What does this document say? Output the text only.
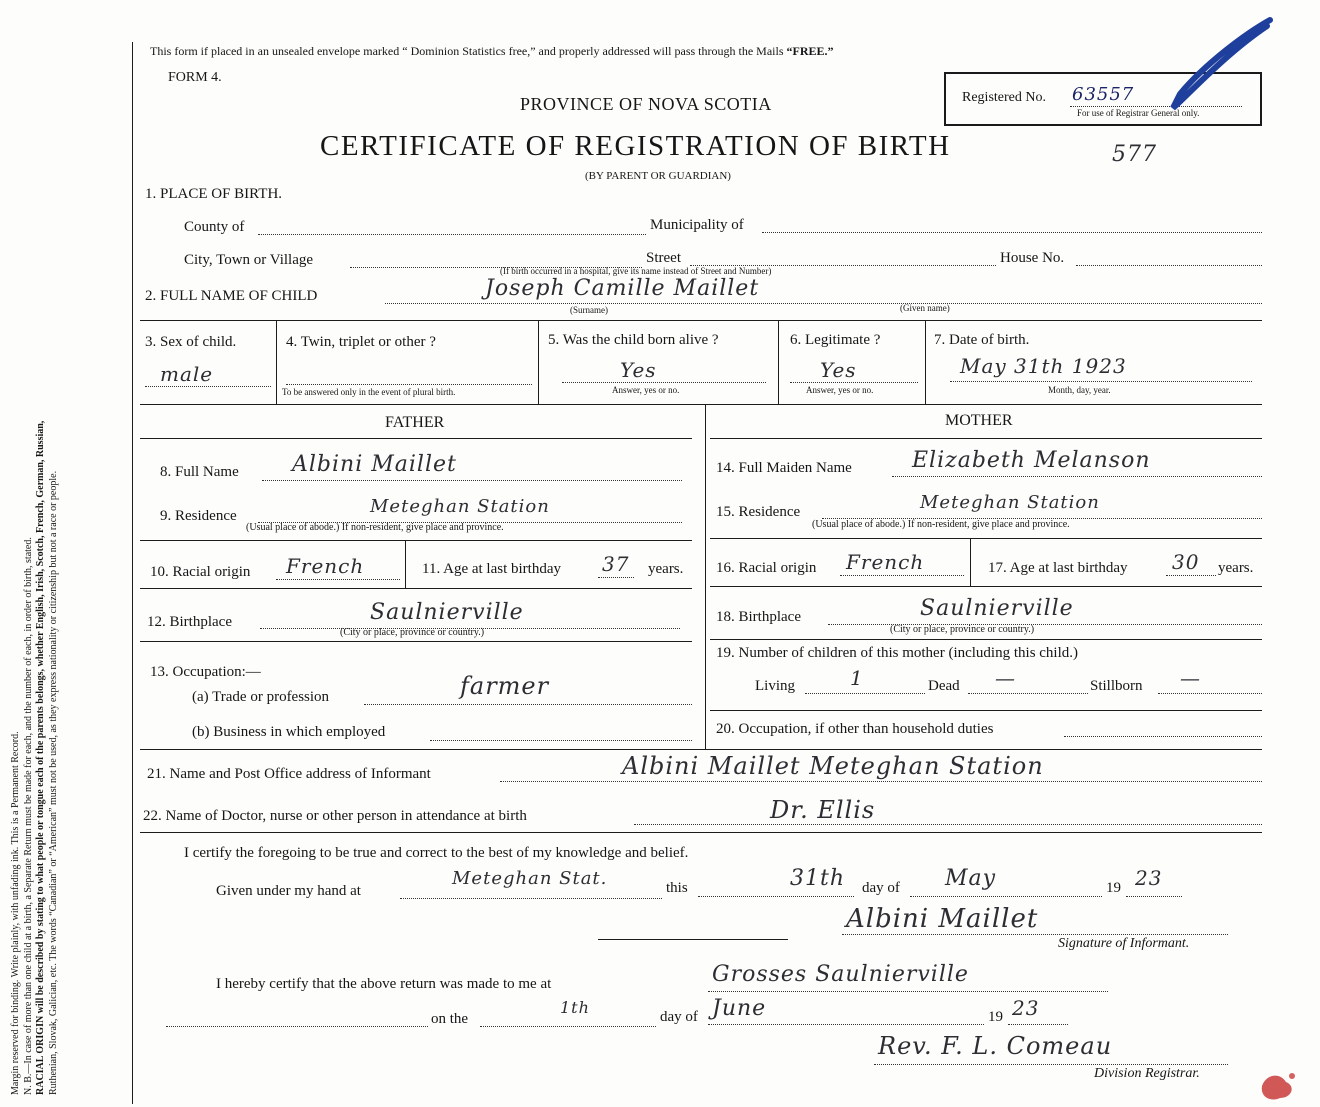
Margin reserved for binding. Write plainly, with unfading ink. This is a Permanent Record. N. B.—In case of more than one child at a birth, a Separate Return must be made for each, and the number of each, in order of birth, stated. RACIAL ORIGIN will be described by stating to what people or tongue each of the parents belongs, whether English, Irish, Scotch, French, German, Russian, Ruthenian, Slovak, Galician, etc. The words “Canadian” or “American” must not be used, as they express nationality or citizenship but not a race or people.
This form if placed in an unsealed envelope marked “ Dominion Statistics free,” and properly addressed will pass through the Mails “FREE.”
FORM 4.
PROVINCE OF NOVA SCOTIA
CERTIFICATE OF REGISTRATION OF BIRTH
(BY PARENT OR GUARDIAN)
577
Registered No. 63557
For use of Registrar General only.
1. PLACE OF BIRTH.
County of	Municipality of
City, Town or Village	Street	House No.
(If birth occurred in a hospital, give its name instead of Street and Number)
2. FULL NAME OF CHILD	Joseph Camille Maillet
(Surname)	(Given name)
3. Sex of child.
male
4. Twin, triplet or other ?
To be answered only in the event of plural birth.
5. Was the child born alive ?
Yes
Answer, yes or no.
6. Legitimate ?
Yes
Answer, yes or no.
7. Date of birth.
May 31th 1923
Month, day, year.
FATHER	MOTHER
8. Full Name Albini Maillet
9. Residence	Meteghan Station
(Usual place of abode.) If non-resident, give place and province.
10. Racial origin French	11. Age at last birthday 37 years.
12. Birthplace	Saulnierville
(City or place, province or country.)
13. Occupation:—
(a) Trade or profession	farmer
(b) Business in which employed
14. Full Maiden Name	Elizabeth Melanson
15. Residence	Meteghan Station
(Usual place of abode.) If non-resident, give place and province.
16. Racial origin French	17. Age at last birthday 30 years.
18. Birthplace	Saulnierville
(City or place, province or country.)
19. Number of children of this mother (including this child.)
Living	1	Dead —	Stillborn —
20. Occupation, if other than household duties
21. Name and Post Office address of Informant	Albini Maillet Meteghan Station
22. Name of Doctor, nurse or other person in attendance at birth	Dr. Ellis
I certify the foregoing to be true and correct to the best of my knowledge and belief.
Given under my hand at
Meteghan Stat.	this	31th day of May	19 23
Albini Maillet
Signature of Informant.
I hereby certify that the above return was made to me at	Grosses Saulnierville
on the
1th	day of June	19 23
Rev. F. L. Comeau
Division Registrar.
